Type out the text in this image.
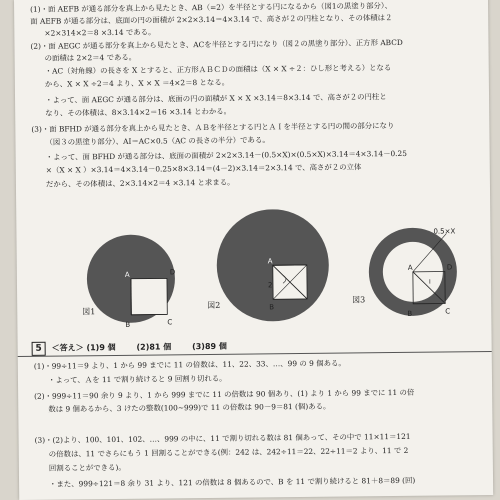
(1)・面 AEFB が通る部分を真上から見たとき、AB（=2）を半径とする円になるから（図1の黒塗り部分）、
面 AEFB が通る部分は、底面の円の面積が 2×2×3.14＝4×3.14 で、高さが２の円柱となり、その体積は２
×2×314×2＝8 ×3.14 である。
(2)・面 AEGC が通る部分を真上から見たとき、ACを半径とする円になり（図２の黒塗り部分）、正方形 ABCD
の面積は 2×2＝4 である。
・AC（対角線）の長さを X とすると、正方形ＡＢＣＤの面積は（X × X ÷２：ひし形と考える）となる
から、X × X ÷2＝4 より、X × X ＝4×2＝8 となる。
・よって、面 AEGC が通る部分は、底面の円の面積が X × X ×3.14＝8×3.14 で、高さが２の円柱と
なり、その体積は、8×3.14×2＝16 ×3.14 とわかる。
(3)・面 BFHD が通る部分を真上から見たとき、ＡＢを半径とする円とＡＩを半径とする円の間の部分になり
（図３の黒塗り部分）、AI＝AC×0.5（AC の長さの半分）である。
・よって、面 BFHD が通る部分は、底面の面積が 2×2×3.14－(0.5×X)×(0.5×X)×3.14＝4×3.14－0.25
×（X × X ）×3.14＝4×3.14－0.25×8×3.14＝(4－2)×3.14＝2×3.14 で、高さが２の立体
だから、その体積は、2×3.14×2＝4 ×3.14 と求まる。
A	D
B	C
図1
A
2
B
図2
0.5×X
A
I
D
B	C
図3
5	＜答え＞ (1)9 個	(2)81 個	(3)89 個
(1)・99÷11＝9 より、1 から 99 までに 11 の倍数は、11、22、33、…、99 の 9 個ある。
・よって、Ａを 11 で割り続けると 9 回割り切れる。
(2)・999÷11＝90 余り 9 より、1 から 999 までに 11 の倍数は 90 個あり、(1) より 1 から 99 までに 11 の倍
数は 9 個あるから、3 けたの整数(100~999)で 11 の倍数は 90－9＝81 (個)ある。
(3)・(2)より、100、101、102、…、999 の中に、11 で割り切れる数は 81 個あって、その中で 11×11＝121
の倍数は、11 でさらにもう 1 回割ることができる(例：242 は、242÷11＝22、22÷11＝2 より、11 で 2
回割ることができる)。
・また、999÷121＝8 余り 31 より、121 の倍数は 8 個あるので、B を 11 で割り続けると 81＋8＝89 (回)
